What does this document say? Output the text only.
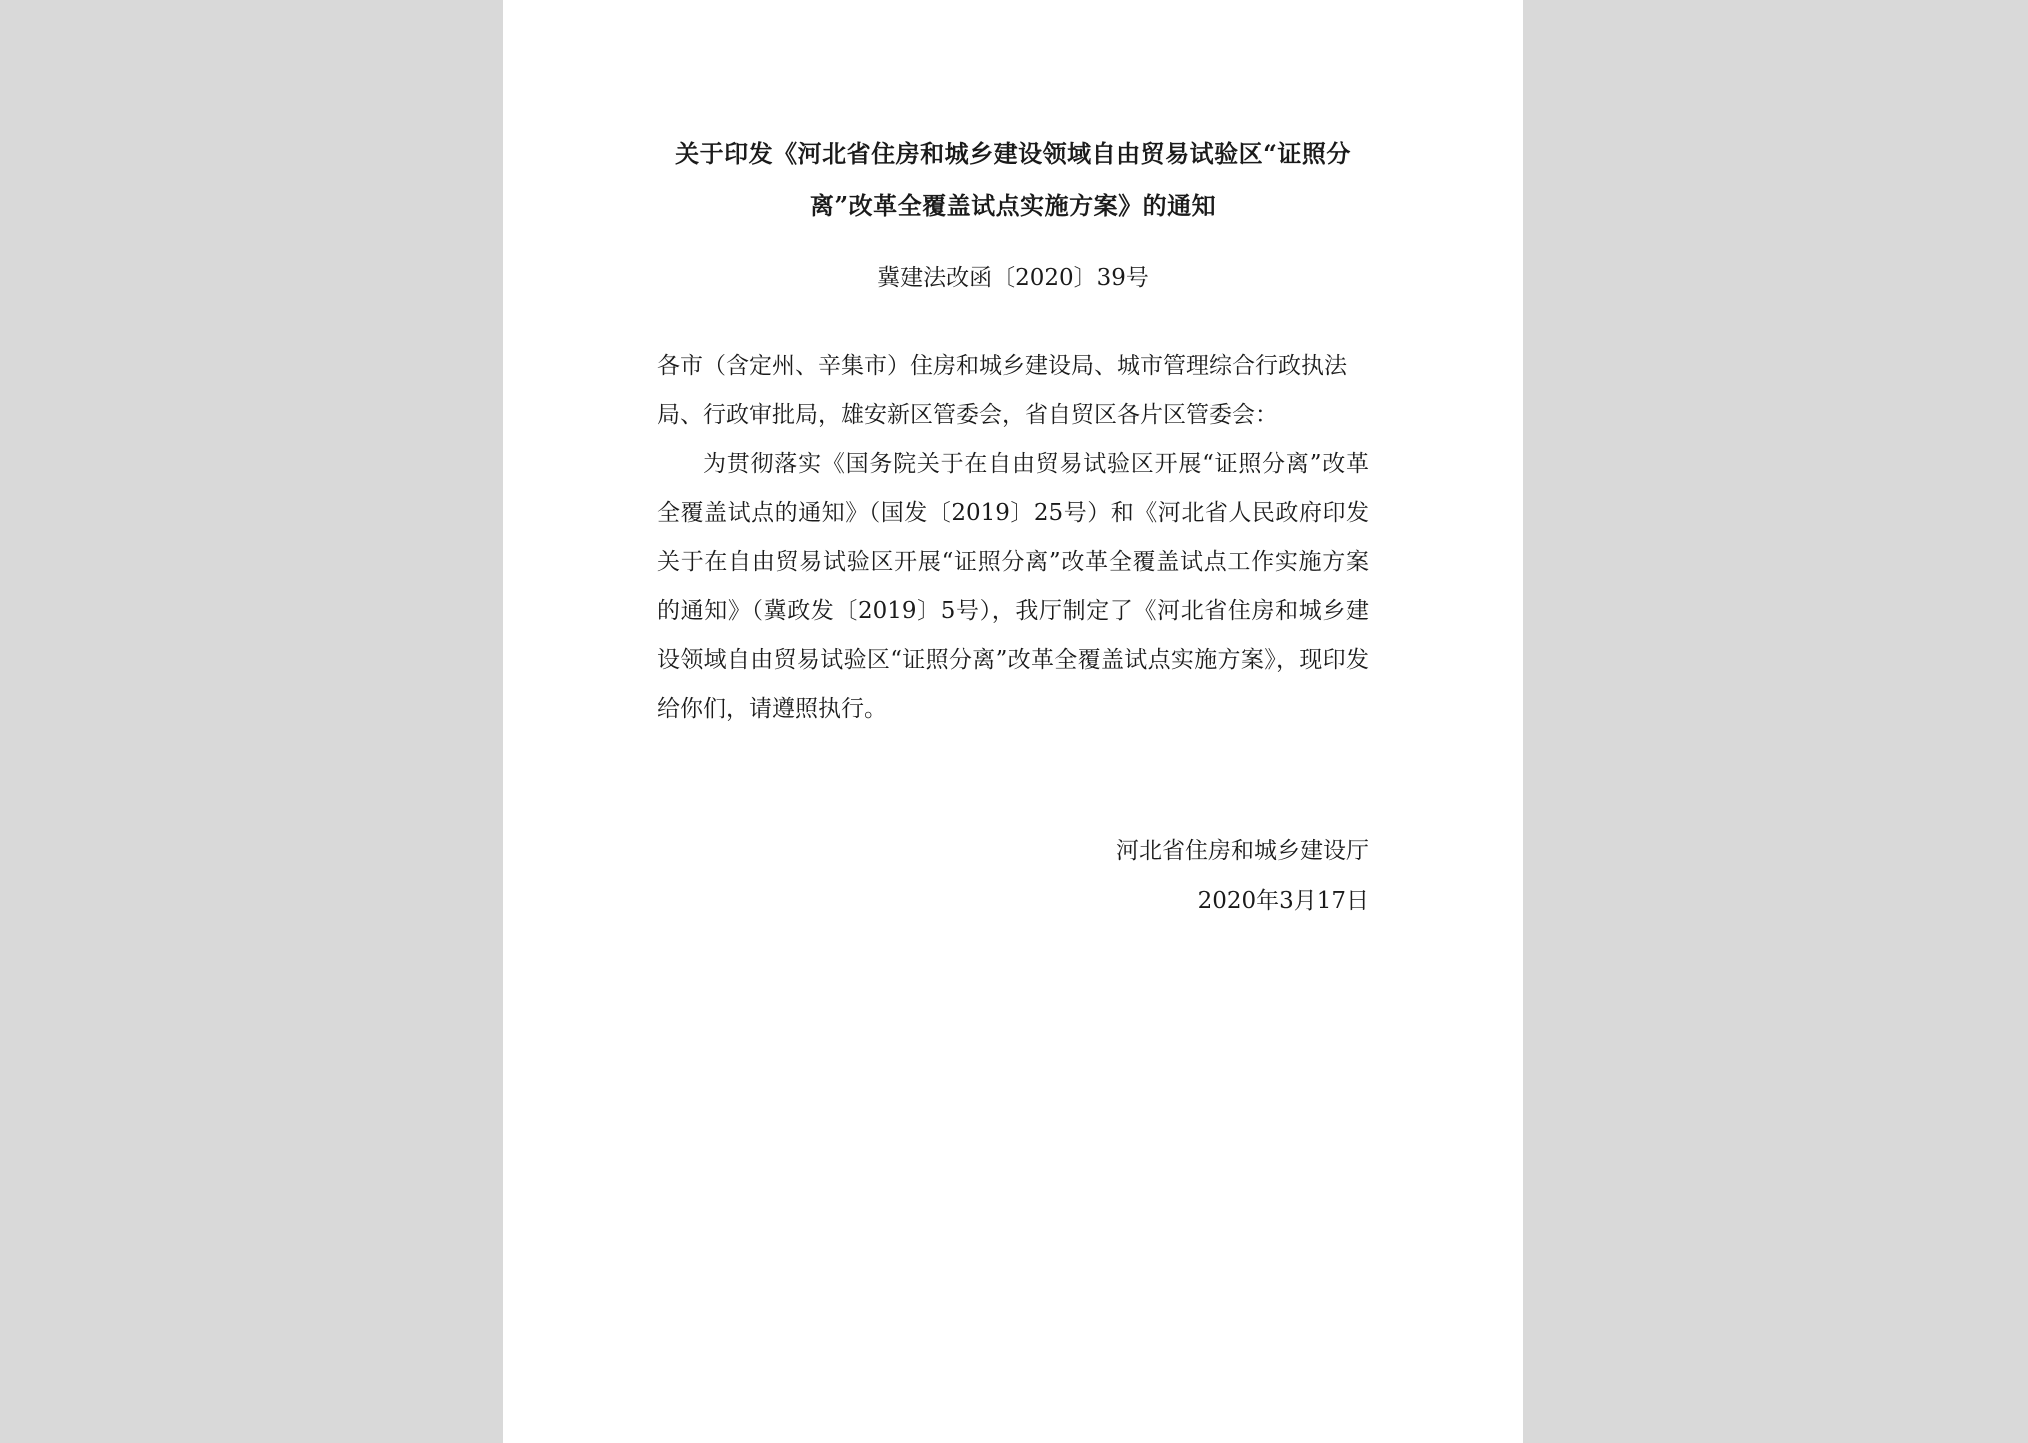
关于印发《河北省住房和城乡建设领域自由贸易试验区“证照分离”改革全覆盖试点实施方案》的通知
冀建法改函〔2020〕39号
各市（含定州、辛集市）住房和城乡建设局、城市管理综合行政执法局、行政审批局，雄安新区管委会，省自贸区各片区管委会：

为贯彻落实《国务院关于在自由贸易试验区开展“证照分离”改革全覆盖试点的通知》（国发〔2019〕25号）和《河北省人民政府印发关于在自由贸易试验区开展“证照分离”改革全覆盖试点工作实施方案的通知》（冀政发〔2019〕5号），我厅制定了《河北省住房和城乡建设领域自由贸易试验区“证照分离”改革全覆盖试点实施方案》，现印发给你们，请遵照执行。

河北省住房和城乡建设厅
2020年3月17日
